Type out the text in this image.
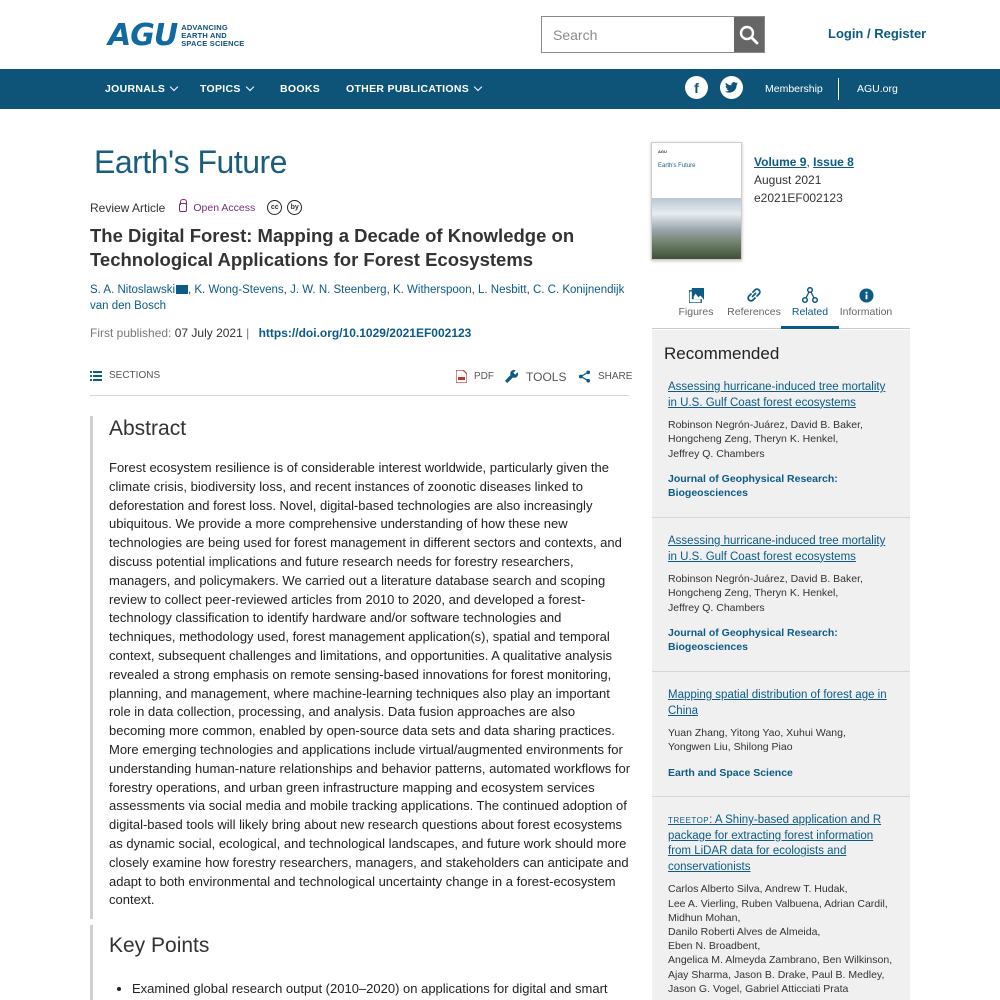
AGU ADVANCING
EARTH AND
SPACE SCIENCE
Search
Login / Register
JOURNALS	TOPICS	BOOKS OTHER PUBLICATIONS	f	Membership	AGU.org
Earth's Future
Review Article	Open Access	cc	by
The Digital Forest: Mapping a Decade of Knowledge on Technological Applications for Forest Ecosystems
S. A. Nitoslawski , K. Wong-Stevens, J. W. N. Steenberg, K. Witherspoon, L. Nesbitt, C. C. Konijnendijk van den Bosch
First published: 07 July 2021 | https://doi.org/10.1029/2021EF002123
SECTIONS	PDF	TOOLS	SHARE
Abstract

Forest ecosystem resilience is of considerable interest worldwide, particularly given the climate crisis, biodiversity loss, and recent instances of zoonotic diseases linked to deforestation and forest loss. Novel, digital-based technologies are also increasingly ubiquitous. We provide a more comprehensive understanding of how these new technologies are being used for forest management in different sectors and contexts, and discuss potential implications and future research needs for forestry researchers, managers, and policymakers. We carried out a literature database search and scoping review to collect peer-reviewed articles from 2010 to 2020, and developed a forest-technology classification to identify hardware and/or software technologies and techniques, methodology used, forest management application(s), spatial and temporal context, subsequent challenges and limitations, and opportunities. A qualitative analysis revealed a strong emphasis on remote sensing-based innovations for forest monitoring, planning, and management, where machine-learning techniques also play an important role in data collection, processing, and analysis. Data fusion approaches are also becoming more common, enabled by open-source data sets and data sharing practices. More emerging technologies and applications include virtual/augmented environments for understanding human-nature relationships and behavior patterns, automated workflows for forestry operations, and urban green infrastructure mapping and ecosystem services assessments via social media and mobile tracking applications. The continued adoption of digital-based tools will likely bring about new research questions about forest ecosystems as dynamic social, ecological, and technological landscapes, and future work should more closely examine how forestry researchers, managers, and stakeholders can anticipate and adapt to both environmental and technological uncertainty change in a forest-ecosystem context.

Key Points
• Examined global research output (2010–2020) on applications for digital and smart
AGU
Earth's Future	Volume 9, Issue 8
August 2021
e2021EF002123
Figures References Related Information
Recommended
Assessing hurricane-induced tree mortality in U.S. Gulf Coast forest ecosystems
Robinson Negrón-Juárez, David B. Baker,
Hongcheng Zeng, Theryn K. Henkel,
Jeffrey Q. Chambers
Journal of Geophysical Research: Biogeosciences
Assessing hurricane-induced tree mortality in U.S. Gulf Coast forest ecosystems
Robinson Negrón-Juárez, David B. Baker,
Hongcheng Zeng, Theryn K. Henkel,
Jeffrey Q. Chambers
Journal of Geophysical Research: Biogeosciences
Mapping spatial distribution of forest age in China
Yuan Zhang, Yitong Yao, Xuhui Wang,
Yongwen Liu, Shilong Piao
Earth and Space Science
TREETOP: A Shiny-based application and R package for extracting forest information from LiDAR data for ecologists and conservationists
Carlos Alberto Silva, Andrew T. Hudak,
Lee A. Vierling, Ruben Valbuena, Adrian Cardil,
Midhun Mohan,
Danilo Roberti Alves de Almeida,
Eben N. Broadbent,
Angelica M. Almeyda Zambrano, Ben Wilkinson,
Ajay Sharma, Jason B. Drake, Paul B. Medley,
Jason G. Vogel, Gabriel Atticciati Prata
